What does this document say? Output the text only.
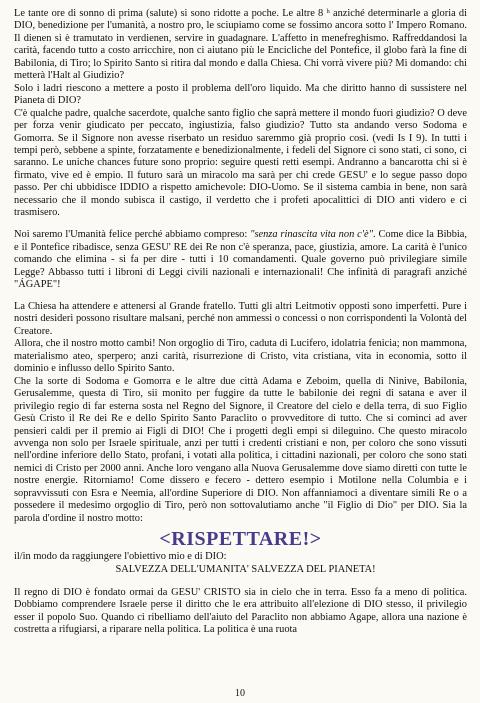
Le tante ore di sonno di prima (salute) si sono ridotte a poche. Le altre 8 ʰ anziché determinarle a gloria di DIO, benedizione per l'umanità, a nostro pro, le sciupiamo come se fossimo ancora sotto l' Impero Romano. Il dienen si è tramutato in verdienen, servire in guadagnare. L'affetto in menefreghismo. Raffreddandosi la carità, facendo tutto a costo arricchire, non ci aiutano più le Encicliche del Pontefice, il globo farà la fine di Babilonia, di Tiro; lo Spirito Santo si ritira dal mondo e dalla Chiesa. Chi vorrà vivere più? Mi domando: chi metterà l'Halt al Giudizio?

Solo i ladri riescono a mettere a posto il problema dell'oro liquido. Ma che diritto hanno di sussistere nel Pianeta di DIO?

C'è qualche padre, qualche sacerdote, qualche santo figlio che saprà mettere il mondo fuori giudizio? O deve per forza venir giudicato per peccato, ingiustizia, falso giudizio? Tutto sta andando verso Sodoma e Gomorra. Se il Signore non avesse riserbato un residuo saremmo già proprio così. (vedi Is I 9). In tutti i tempi però, sebbene a spinte, forzatamente e benedizionalmente, i fedeli del Signore ci sono stati, ci sono, ci saranno. Le uniche chances future sono proprio: seguire questi retti esempi. Andranno a bancarotta chi si è firmato, vive ed è empio. Il futuro sarà un miracolo ma sarà per chi crede GESU' e lo segue passo dopo passo. Per chi ubbidisce IDDIO a rispetto amichevole: DIO-Uomo. Se il sistema cambia in bene, non sarà necessario che il mondo subisca il castigo, il verdetto che i profeti apocalittici di DIO anti videro e ci trasmisero.

Noi saremo l'Umanità felice perché abbiamo compreso: "senza rinascita vita non c'è". Come dice la Bibbia, e il Pontefice ribadisce, senza GESU' RE dei Re non c'è speranza, pace, giustizia, amore. La carità è l'unico comando che elimina - si fa per dire - tutti i 10 comandamenti. Quale governo può privilegiare simile Legge? Abbasso tutti i libroni di Leggi civili nazionali e internazionali! Che infinità di paragrafi anziché "ÁGAPE"!

La Chiesa ha attendere e attenersi al Grande fratello. Tutti gli altri Leitmotiv opposti sono imperfetti. Pure i nostri desideri possono risultare malsani, perché non ammessi o concessi o non corrispondenti la Volontà del Creatore.

Allora, che il nostro motto cambi! Non orgoglio di Tiro, caduta di Lucifero, idolatria fenicia; non mammona, materialismo ateo, sperpero; anzi carità, risurrezione di Cristo, vita cristiana, vita in economia, sotto il dominio e influsso dello Spirito Santo.

Che la sorte di Sodoma e Gomorra e le altre due città Adama e Zeboim, quella di Ninive, Babilonia, Gerusalemme, questa di Tiro, sii monito per fuggire da tutte le babilonie dei regni di satana e aver il privilegio regio di far esterna sosta nel Regno del Signore, il Creatore del cielo e della terra, di suo Figlio Gesù Cristo il Re dei Re e dello Spirito Santo Paraclito o provveditore di tutto. Che si cominci ad aver pensieri caldi per il premio ai Figli di DIO! Che i progetti degli empi si dileguino. Che questo miracolo avvenga non solo per Israele spirituale, anzi per tutti i credenti cristiani e non, per coloro che sono vissuti nell'ordine inferiore dello Stato, profani, i votati alla politica, i cittadini nazionali, per coloro che sono stati nemici di Cristo per 2000 anni. Anche loro vengano alla Nuova Gerusalemme dove siamo diretti con tutte le nostre energie. Ritorniamo! Come dissero e fecero - dettero esempio i Motilone nella Columbia e i sopravvissuti con Esra e Neemia, all'ordine Superiore di DIO. Non affanniamoci a diventare simili Re o a possedere il medesimo orgoglio di Tiro, però non sottovalutiamo anche "il Figlio di Dio" per DIO. Sia la parola d'ordine il nostro motto:

<RISPETTARE!>

il/in modo da raggiungere l'obiettivo mio e di DIO:

SALVEZZA DELL'UMANITA' SALVEZZA DEL PIANETA!

Il regno di DIO è fondato ormai da GESU' CRISTO sia in cielo che in terra. Esso fa a meno di politica. Dobbiamo comprendere Israele perse il diritto che le era attribuito all'elezione di DIO stesso, il privilegio esser il popolo Suo. Quando ci ribelliamo dell'aiuto del Paraclito non abbiamo Agape, allora una nazione è costretta a rifugiarsi, a riparare nella politica. La politica è una ruota

10
